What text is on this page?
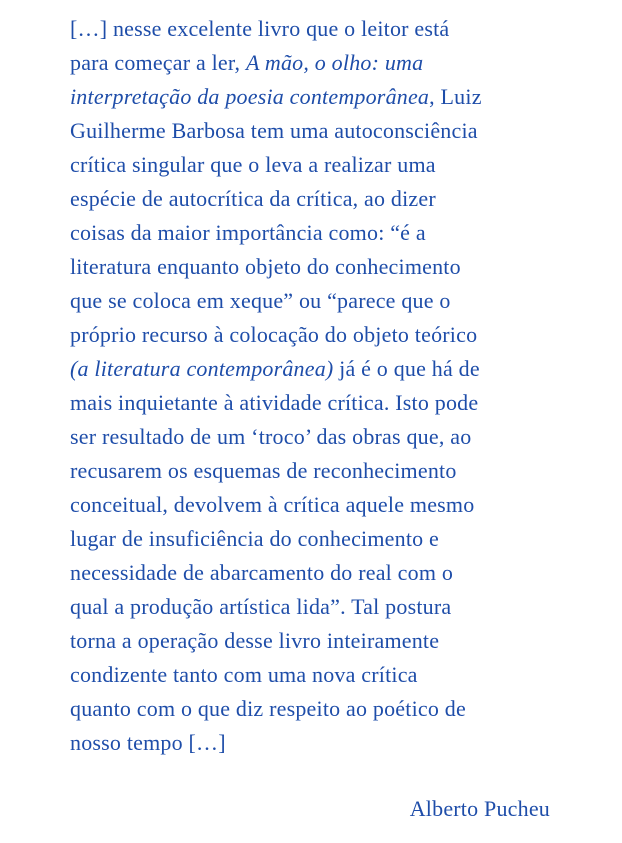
[…] nesse excelente livro que o leitor está
para começar a ler, A mão, o olho: uma
interpretação da poesia contemporânea, Luiz
Guilherme Barbosa tem uma autoconsciência
crítica singular que o leva a realizar uma
espécie de autocrítica da crítica, ao dizer
coisas da maior importância como: “é a
literatura enquanto objeto do conhecimento
que se coloca em xeque” ou “parece que o
próprio recurso à colocação do objeto teórico
(a literatura contemporânea) já é o que há de
mais inquietante à atividade crítica. Isto pode
ser resultado de um ‘troco’ das obras que, ao
recusarem os esquemas de reconhecimento
conceitual, devolvem à crítica aquele mesmo
lugar de insuficiência do conhecimento e
necessidade de abarcamento do real com o
qual a produção artística lida”. Tal postura
torna a operação desse livro inteiramente
condizente tanto com uma nova crítica
quanto com o que diz respeito ao poético de
nosso tempo […]
Alberto Pucheu
